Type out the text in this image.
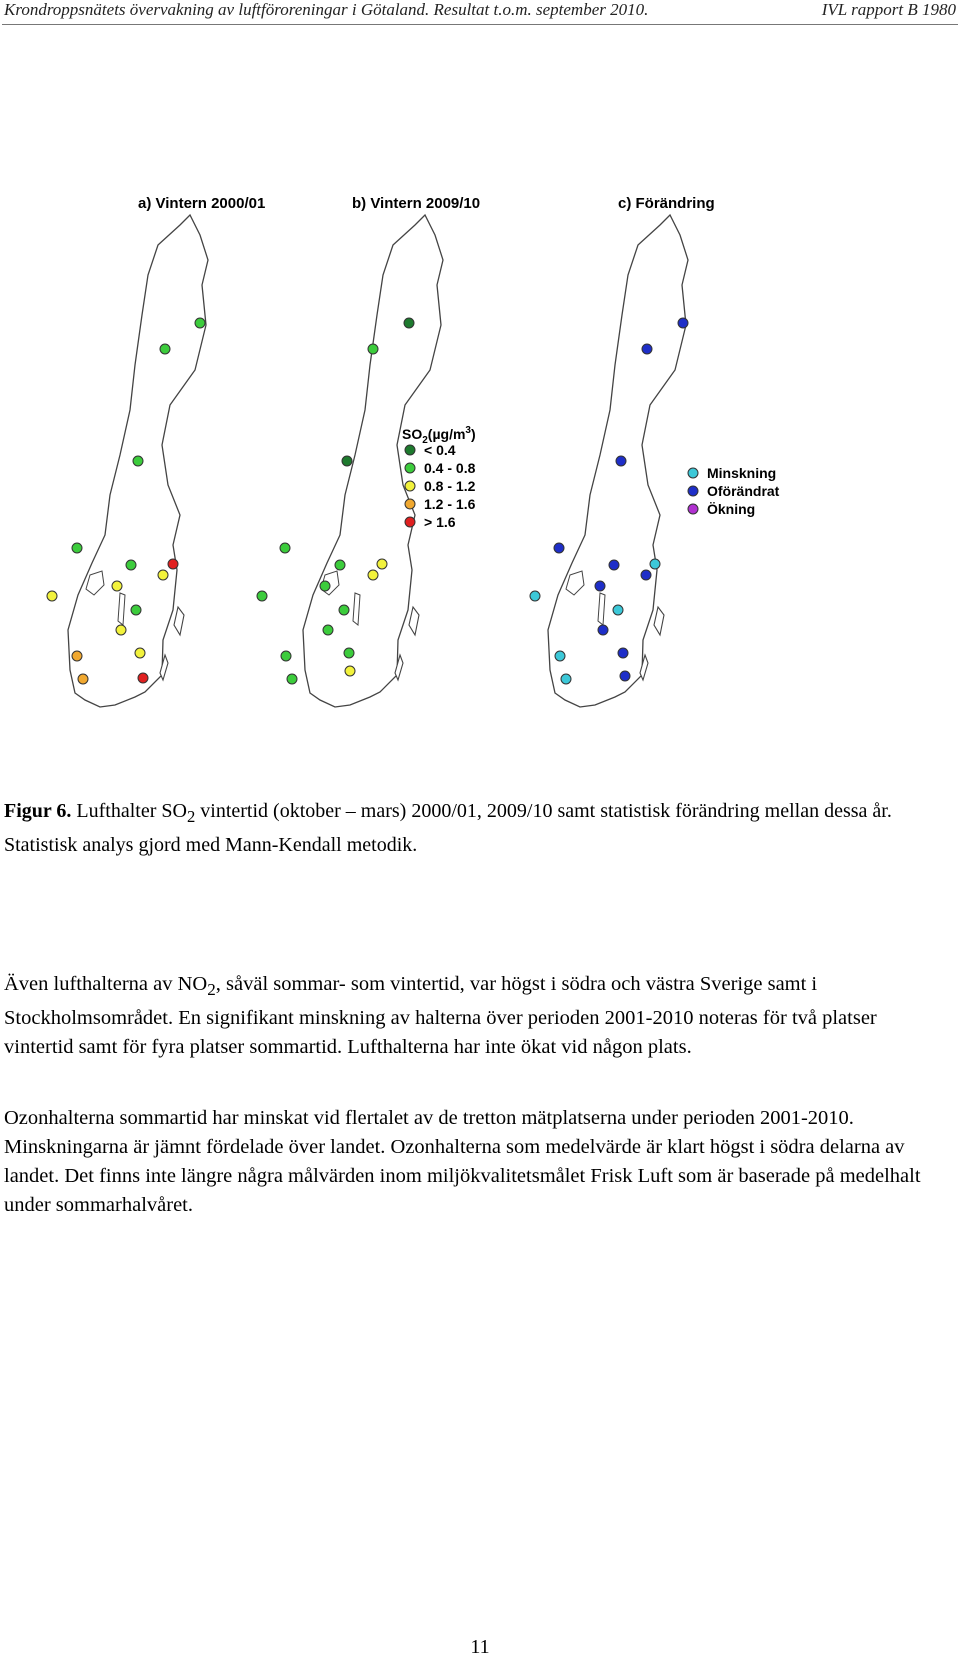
Krondroppsnätets övervakning av luftföroreningar i Götaland. Resultat t.o.m. september 2010.	IVL rapport B 1980
a) Vintern 2000/01	b) Vintern 2009/10	c) Förändring
$SO_2(\mu g/m^3)$
< 0.4
0.4 - 0.8
0.8 - 1.2
1.2 - 1.6
> 1.6
Minskning
Oförändrat
Ökning
Figur 6. Lufthalter $SO_2$ vintertid (oktober – mars) 2000/01, 2009/10 samt statistisk förändring mellan dessa år. Statistisk analys gjord med Mann-Kendall metodik.

Även lufthalterna av $NO_2$, såväl sommar- som vintertid, var högst i södra och västra Sverige samt i Stockholmsområdet. En signifikant minskning av halterna över perioden 2001-2010 noteras för två platser vintertid samt för fyra platser sommartid. Lufthalterna har inte ökat vid någon plats.

Ozonhalterna sommartid har minskat vid flertalet av de tretton mätplatserna under perioden 2001-2010. Minskningarna är jämnt fördelade över landet. Ozonhalterna som medelvärde är klart högst i södra delarna av landet. Det finns inte längre några målvärden inom miljökvalitetsmålet Frisk Luft som är baserade på medelhalt under sommarhalvåret.

11
